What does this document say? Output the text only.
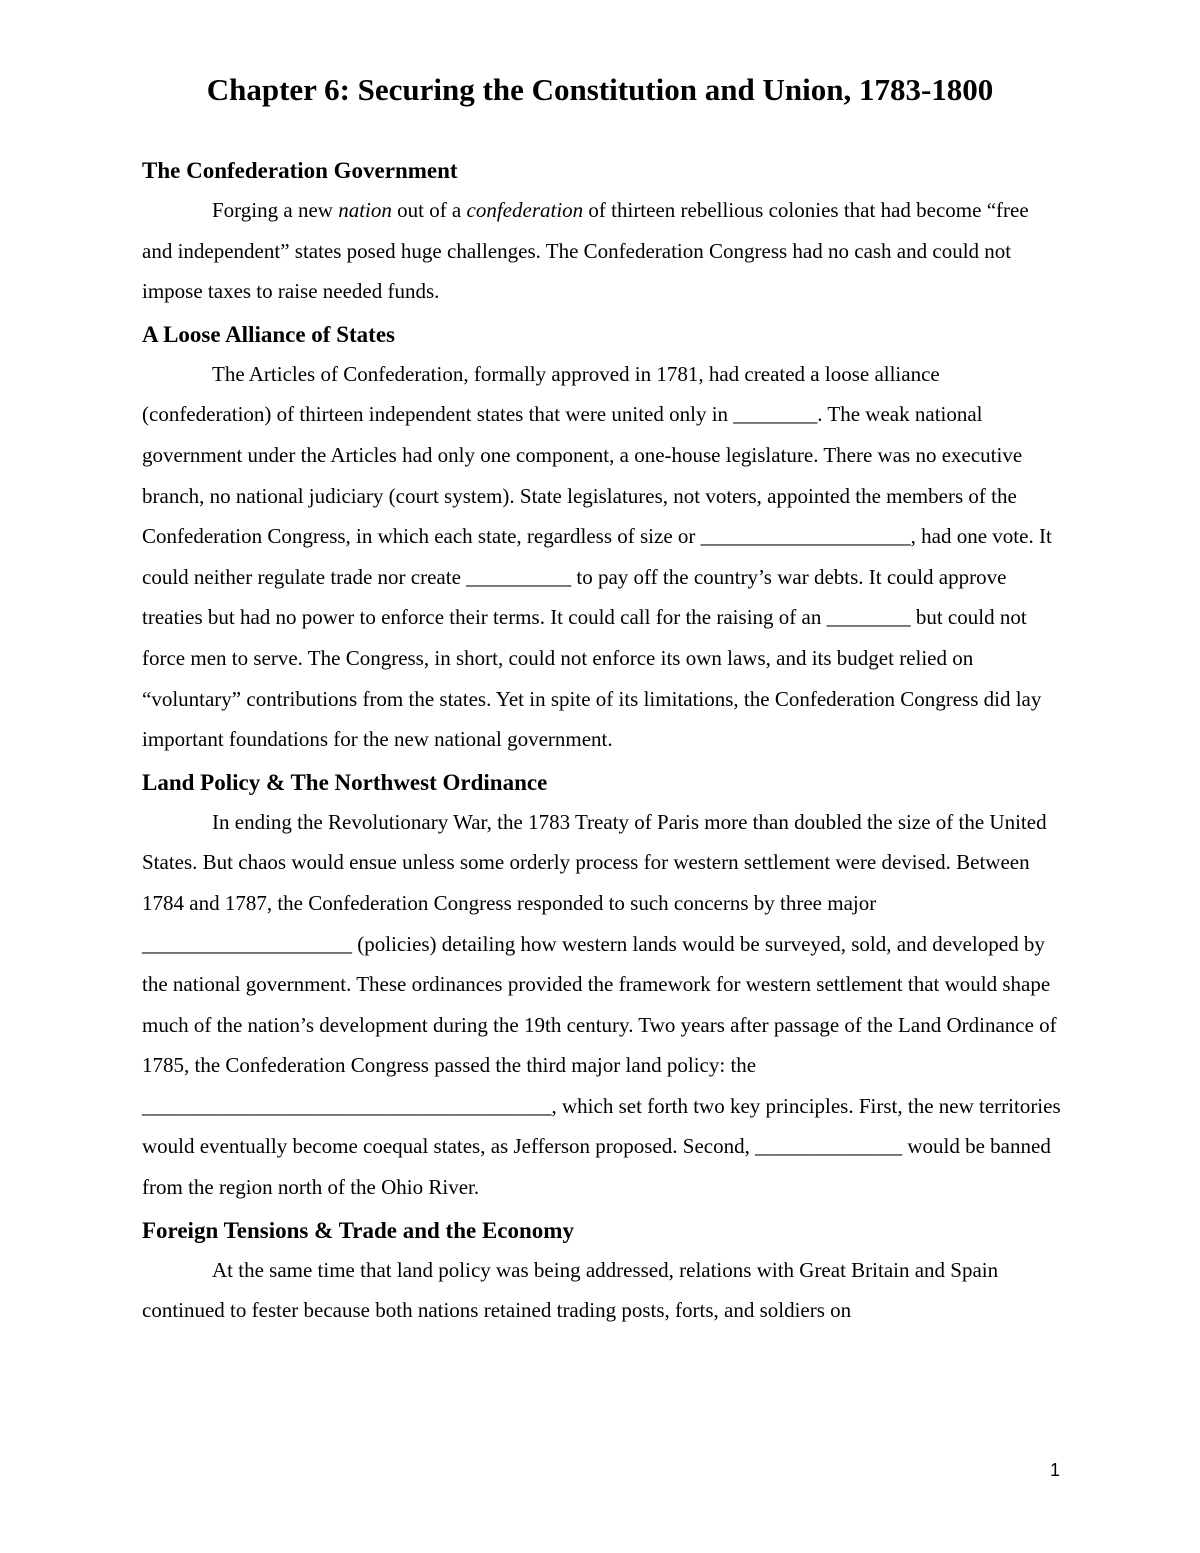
Chapter 6: Securing the Constitution and Union, 1783-1800
The Confederation Government

Forging a new nation out of a confederation of thirteen rebellious colonies that had become “free and independent” states posed huge challenges. The Confederation Congress had no cash and could not impose taxes to raise needed funds.

A Loose Alliance of States

The Articles of Confederation, formally approved in 1781, had created a loose alliance (confederation) of thirteen independent states that were united only in ________. The weak national government under the Articles had only one component, a one-house legislature. There was no executive branch, no national judiciary (court system). State legislatures, not voters, appointed the members of the Confederation Congress, in which each state, regardless of size or ____________________, had one vote. It could neither regulate trade nor create __________ to pay off the country’s war debts. It could approve treaties but had no power to enforce their terms. It could call for the raising of an ________ but could not force men to serve. The Congress, in short, could not enforce its own laws, and its budget relied on “voluntary” contributions from the states. Yet in spite of its limitations, the Confederation Congress did lay important foundations for the new national government.

Land Policy & The Northwest Ordinance

In ending the Revolutionary War, the 1783 Treaty of Paris more than doubled the size of the United States. But chaos would ensue unless some orderly process for western settlement were devised. Between 1784 and 1787, the Confederation Congress responded to such concerns by three major ____________________ (policies) detailing how western lands would be surveyed, sold, and developed by the national government. These ordinances provided the framework for western settlement that would shape much of the nation’s development during the 19th century. Two years after passage of the Land Ordinance of 1785, the Confederation Congress passed the third major land policy: the
_______________________________________, which set forth two key principles. First, the new territories would eventually become coequal states, as Jefferson proposed. Second, ______________ would be banned from the region north of the Ohio River.

Foreign Tensions & Trade and the Economy

At the same time that land policy was being addressed, relations with Great Britain and Spain continued to fester because both nations retained trading posts, forts, and soldiers on

1
